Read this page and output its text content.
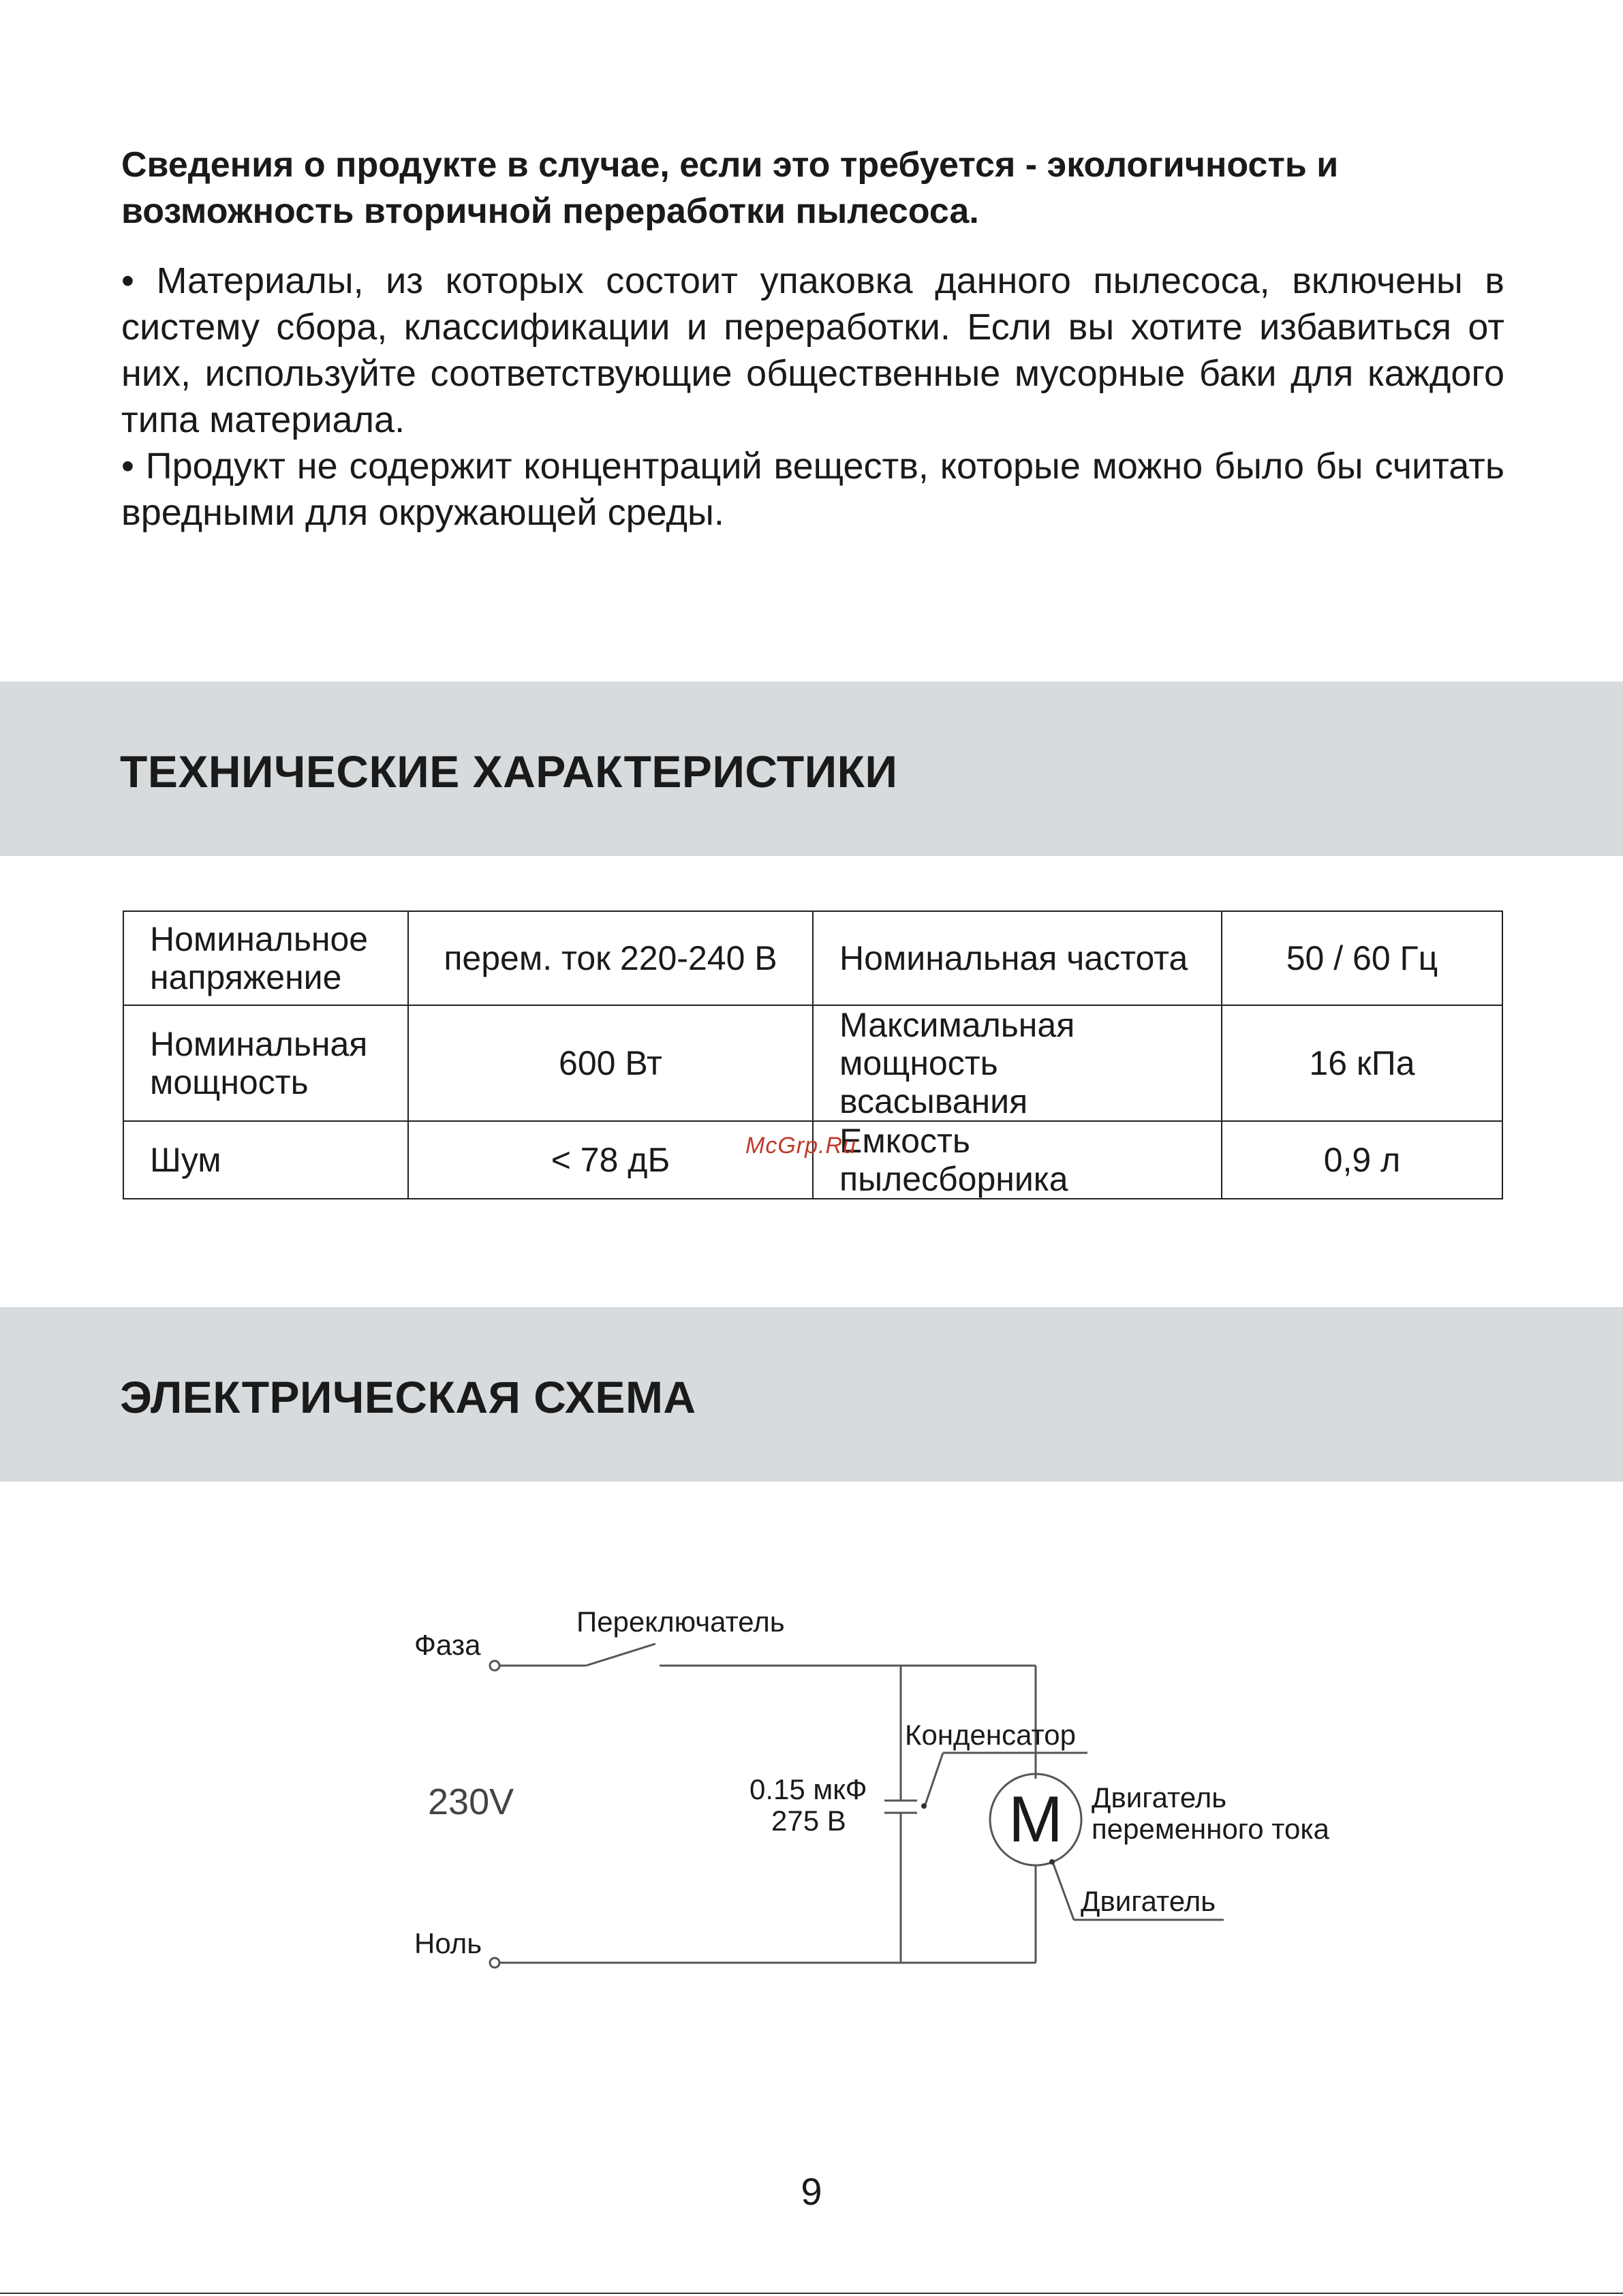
Сведения о продукте в случае, если это требуется - экологичность и возможность вторичной переработки пылесоса.

• Материалы, из которых состоит упаковка данного пылесоса, включены в систему сбора, классификации и переработки. Если вы хотите избавиться от них, используйте соответствующие общественные мусорные баки для каждого типа материала.

• Продукт не содержит концентраций веществ, которые можно было бы считать вредными для окружающей среды.

ТЕХНИЧЕСКИЕ ХАРАКТЕРИСТИКИ
Номинальное напряжение	перем. ток 220-240 В	Номинальная частота	50 / 60 Гц
Номинальная мощность	600 Вт	Максимальная мощность всасывания	16 кПа
Шум	< 78 дБ	Емкость пылесборника	0,9 л
McGrp.Ru
ЭЛЕКТРИЧЕСКАЯ СХЕМА
Фаза
Переключатель
230V
Ноль
Конденсатор
0.15 мкФ
275 В M Двигатель
переменного тока
Двигатель
9
